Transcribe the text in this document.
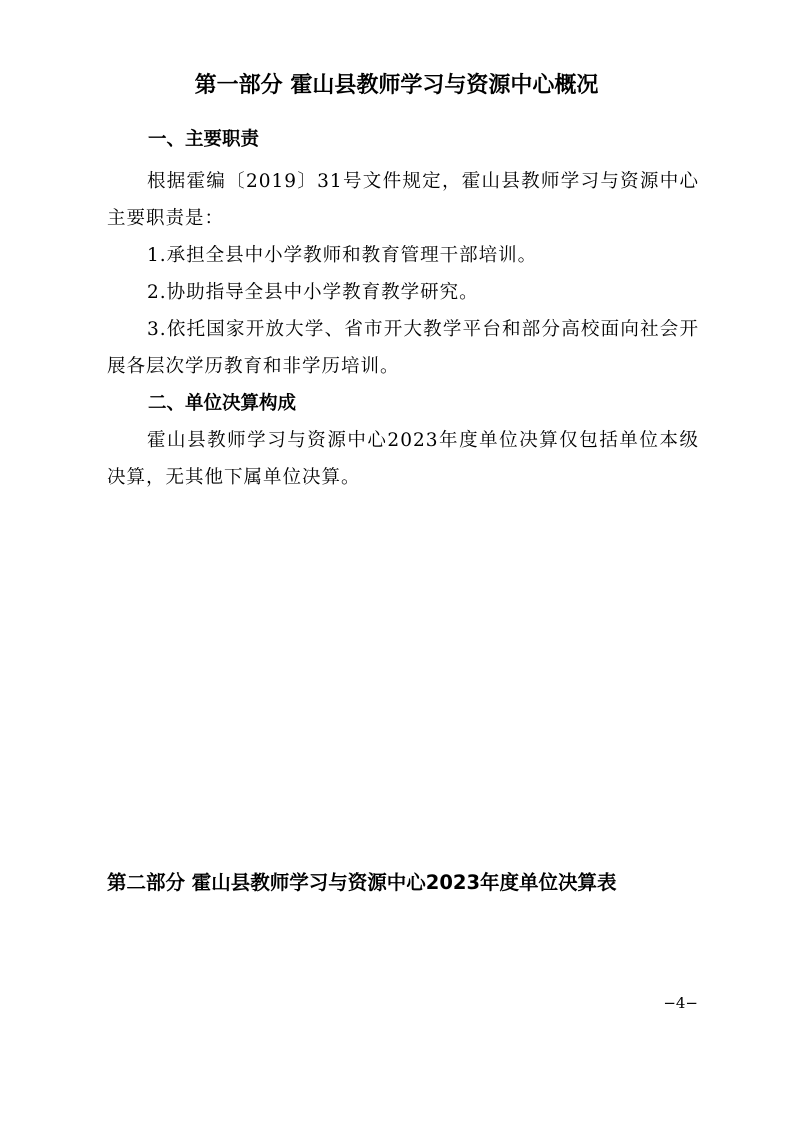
第一部分 霍山县教师学习与资源中心概况
一、主要职责

根据霍编〔2019〕31号文件规定，霍山县教师学习与资源中心主要职责是：

1.承担全县中小学教师和教育管理干部培训。

2.协助指导全县中小学教育教学研究。

3.依托国家开放大学、省市开大教学平台和部分高校面向社会开展各层次学历教育和非学历培训。

二、单位决算构成

霍山县教师学习与资源中心2023年度单位决算仅包括单位本级决算，无其他下属单位决算。

第二部分 霍山县教师学习与资源中心2023年度单位决算表
−4−
